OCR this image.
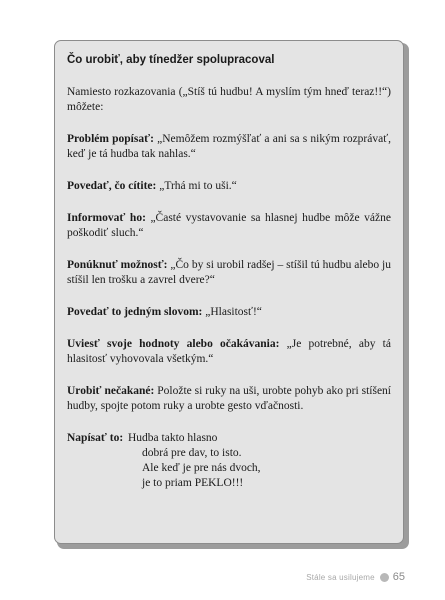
Čo urobiť, aby tínedžer spolupracoval

Namiesto rozkazovania („Stíš tú hudbu! A myslím tým hneď teraz!!“) môžete:

Problém popísať: „Nemôžem rozmýšľať a ani sa s nikým rozprávať, keď je tá hudba tak nahlas.“

Povedať, čo cítite: „Trhá mi to uši.“

Informovať ho: „Časté vystavovanie sa hlasnej hudbe môže vážne poškodiť sluch.“

Ponúknuť možnosť: „Čo by si urobil radšej – stíšil tú hudbu alebo ju stíšil len trošku a zavrel dvere?“

Povedať to jedným slovom: „Hlasitosť!“

Uviesť svoje hodnoty alebo očakávania: „Je potrebné, aby tá hlasitosť vyhovovala všetkým.“

Urobiť nečakané: Položte si ruky na uši, urobte pohyb ako pri stíšení hudby, spojte potom ruky a urobte gesto vďačnosti.

Napísať to: Hudba takto hlasno
dobrá pre dav, to isto.
Ale keď je pre nás dvoch,
je to priam PEKLO!!!
Stále sa usilujeme 65
